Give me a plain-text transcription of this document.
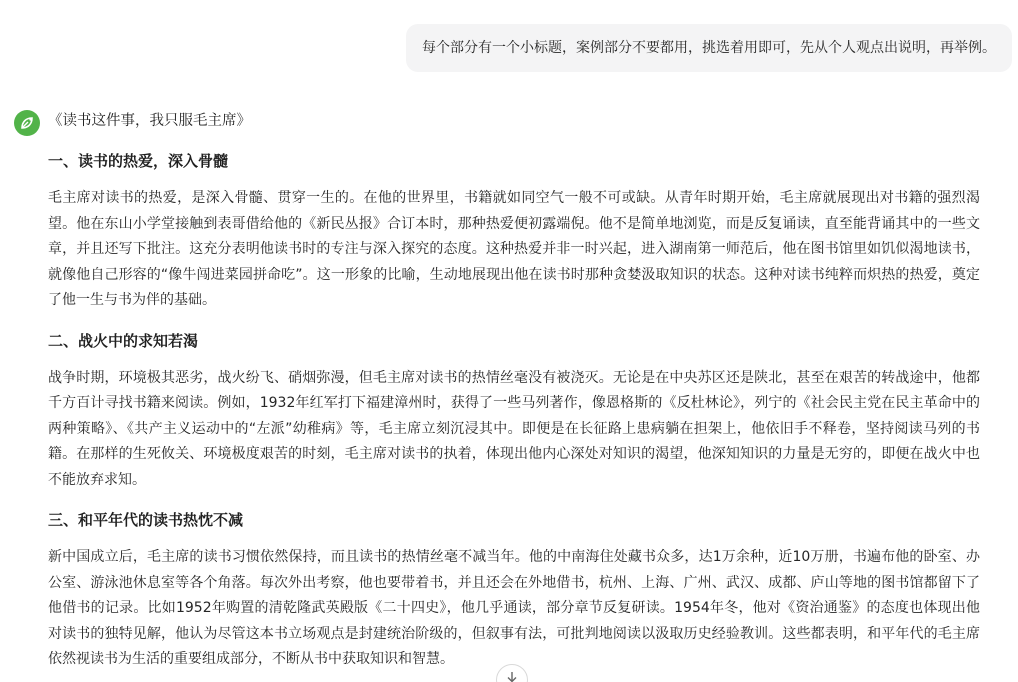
每个部分有一个小标题，案例部分不要都用，挑选着用即可，先从个人观点出说明，再举例。
《读书这件事，我只服毛主席》
一、读书的热爱，深入骨髓

毛主席对读书的热爱，是深入骨髓、贯穿一生的。在他的世界里，书籍就如同空气一般不可或缺。从青年时期开始，毛主席就展现出对书籍的强烈渴望。他在东山小学堂接触到表哥借给他的《新民丛报》合订本时，那种热爱便初露端倪。他不是简单地浏览，而是反复诵读，直至能背诵其中的一些文章，并且还写下批注。这充分表明他读书时的专注与深入探究的态度。这种热爱并非一时兴起，进入湖南第一师范后，他在图书馆里如饥似渴地读书，就像他自己形容的“像牛闯进菜园拼命吃”。这一形象的比喻，生动地展现出他在读书时那种贪婪汲取知识的状态。这种对读书纯粹而炽热的热爱，奠定了他一生与书为伴的基础。

二、战火中的求知若渴

战争时期，环境极其恶劣，战火纷飞、硝烟弥漫，但毛主席对读书的热情丝毫没有被浇灭。无论是在中央苏区还是陕北，甚至在艰苦的转战途中，他都千方百计寻找书籍来阅读。例如，1932年红军打下福建漳州时，获得了一些马列著作，像恩格斯的《反杜林论》，列宁的《社会民主党在民主革命中的两种策略》、《共产主义运动中的“左派”幼稚病》等，毛主席立刻沉浸其中。即便是在长征路上患病躺在担架上，他依旧手不释卷，坚持阅读马列的书籍。在那样的生死攸关、环境极度艰苦的时刻，毛主席对读书的执着，体现出他内心深处对知识的渴望，他深知知识的力量是无穷的，即便在战火中也不能放弃求知。

三、和平年代的读书热忱不减

新中国成立后，毛主席的读书习惯依然保持，而且读书的热情丝毫不减当年。他的中南海住处藏书众多，达1万余种，近10万册，书遍布他的卧室、办公室、游泳池休息室等各个角落。每次外出考察，他也要带着书，并且还会在外地借书，杭州、上海、广州、武汉、成都、庐山等地的图书馆都留下了他借书的记录。比如1952年购置的清乾隆武英殿版《二十四史》，他几乎通读，部分章节反复研读。1954年冬，他对《资治通鉴》的态度也体现出他对读书的独特见解，他认为尽管这本书立场观点是封建统治阶级的，但叙事有法，可批判地阅读以汲取历史经验教训。这些都表明，和平年代的毛主席依然视读书为生活的重要组成部分，不断从书中获取知识和智慧。
